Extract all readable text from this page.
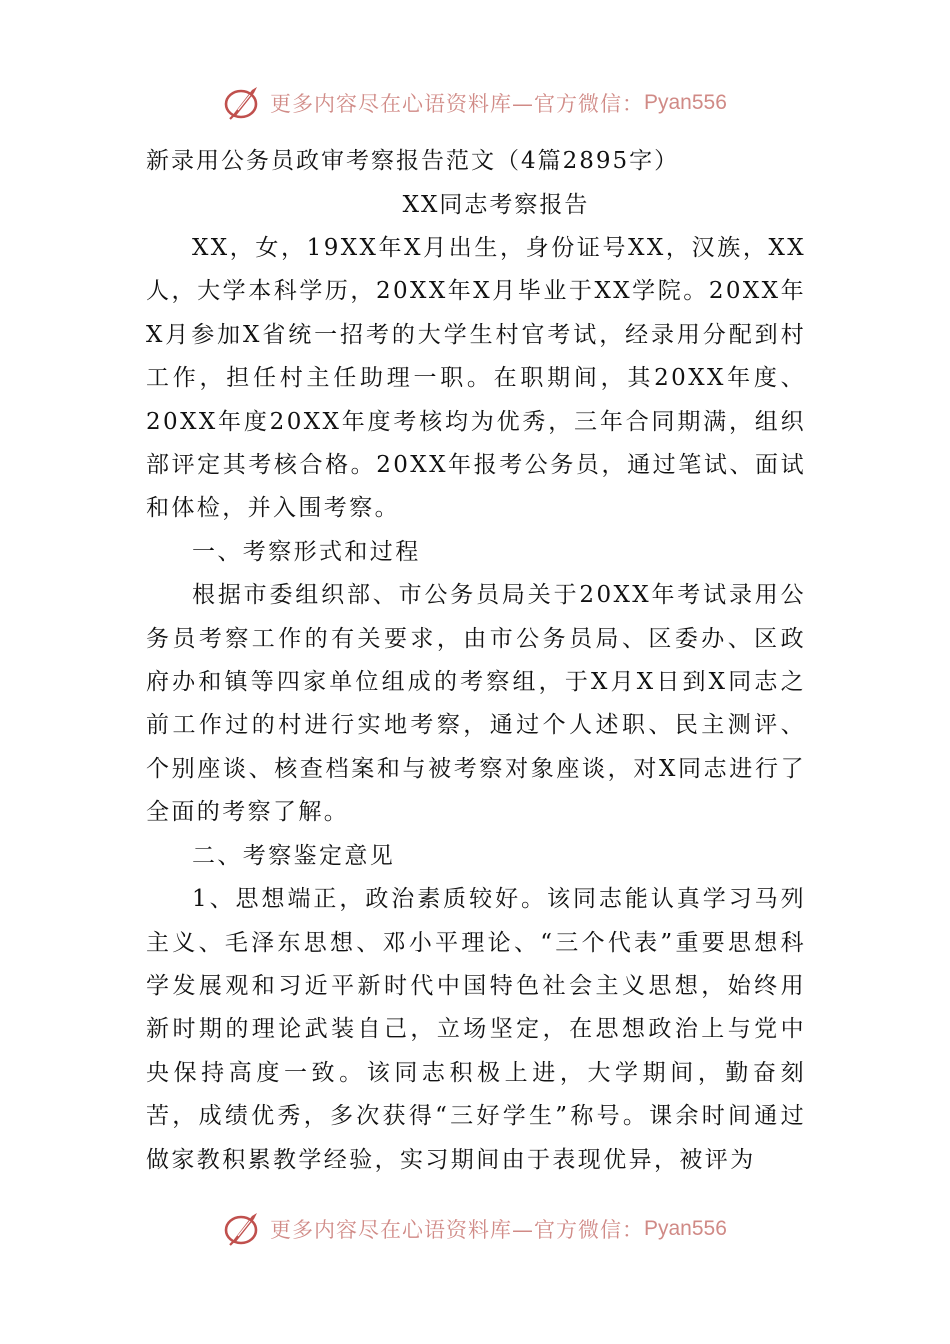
更多内容尽在心语资料库—官方微信： Pyan556
新录用公务员政审考察报告范文（4篇2895字）
XX同志考察报告

XX，女，19XX年X月出生，身份证号XX，汉族，XX人，大学本科学历，20XX年X月毕业于XX学院。20XX年X月参加X省统一招考的大学生村官考试，经录用分配到村工作，担任村主任助理一职。在职期间，其20XX年度、20XX年度20XX年度考核均为优秀，三年合同期满，组织部评定其考核合格。20XX年报考公务员，通过笔试、面试和体检，并入围考察。

一、考察形式和过程

根据市委组织部、市公务员局关于20XX年考试录用公务员考察工作的有关要求，由市公务员局、区委办、区政府办和镇等四家单位组成的考察组，于X月X日到X同志之前工作过的村进行实地考察，通过个人述职、民主测评、个别座谈、核查档案和与被考察对象座谈，对X同志进行了全面的考察了解。

二、考察鉴定意见

1、思想端正，政治素质较好。该同志能认真学习马列主义、毛泽东思想、邓小平理论、“三个代表”重要思想科学发展观和习近平新时代中国特色社会主义思想，始终用新时期的理论武装自己，立场坚定，在思想政治上与党中央保持高度一致。该同志积极上进，大学期间，勤奋刻苦，成绩优秀，多次获得“三好学生”称号。课余时间通过做家教积累教学经验，实习期间由于表现优异，被评为

更多内容尽在心语资料库—官方微信： Pyan556
